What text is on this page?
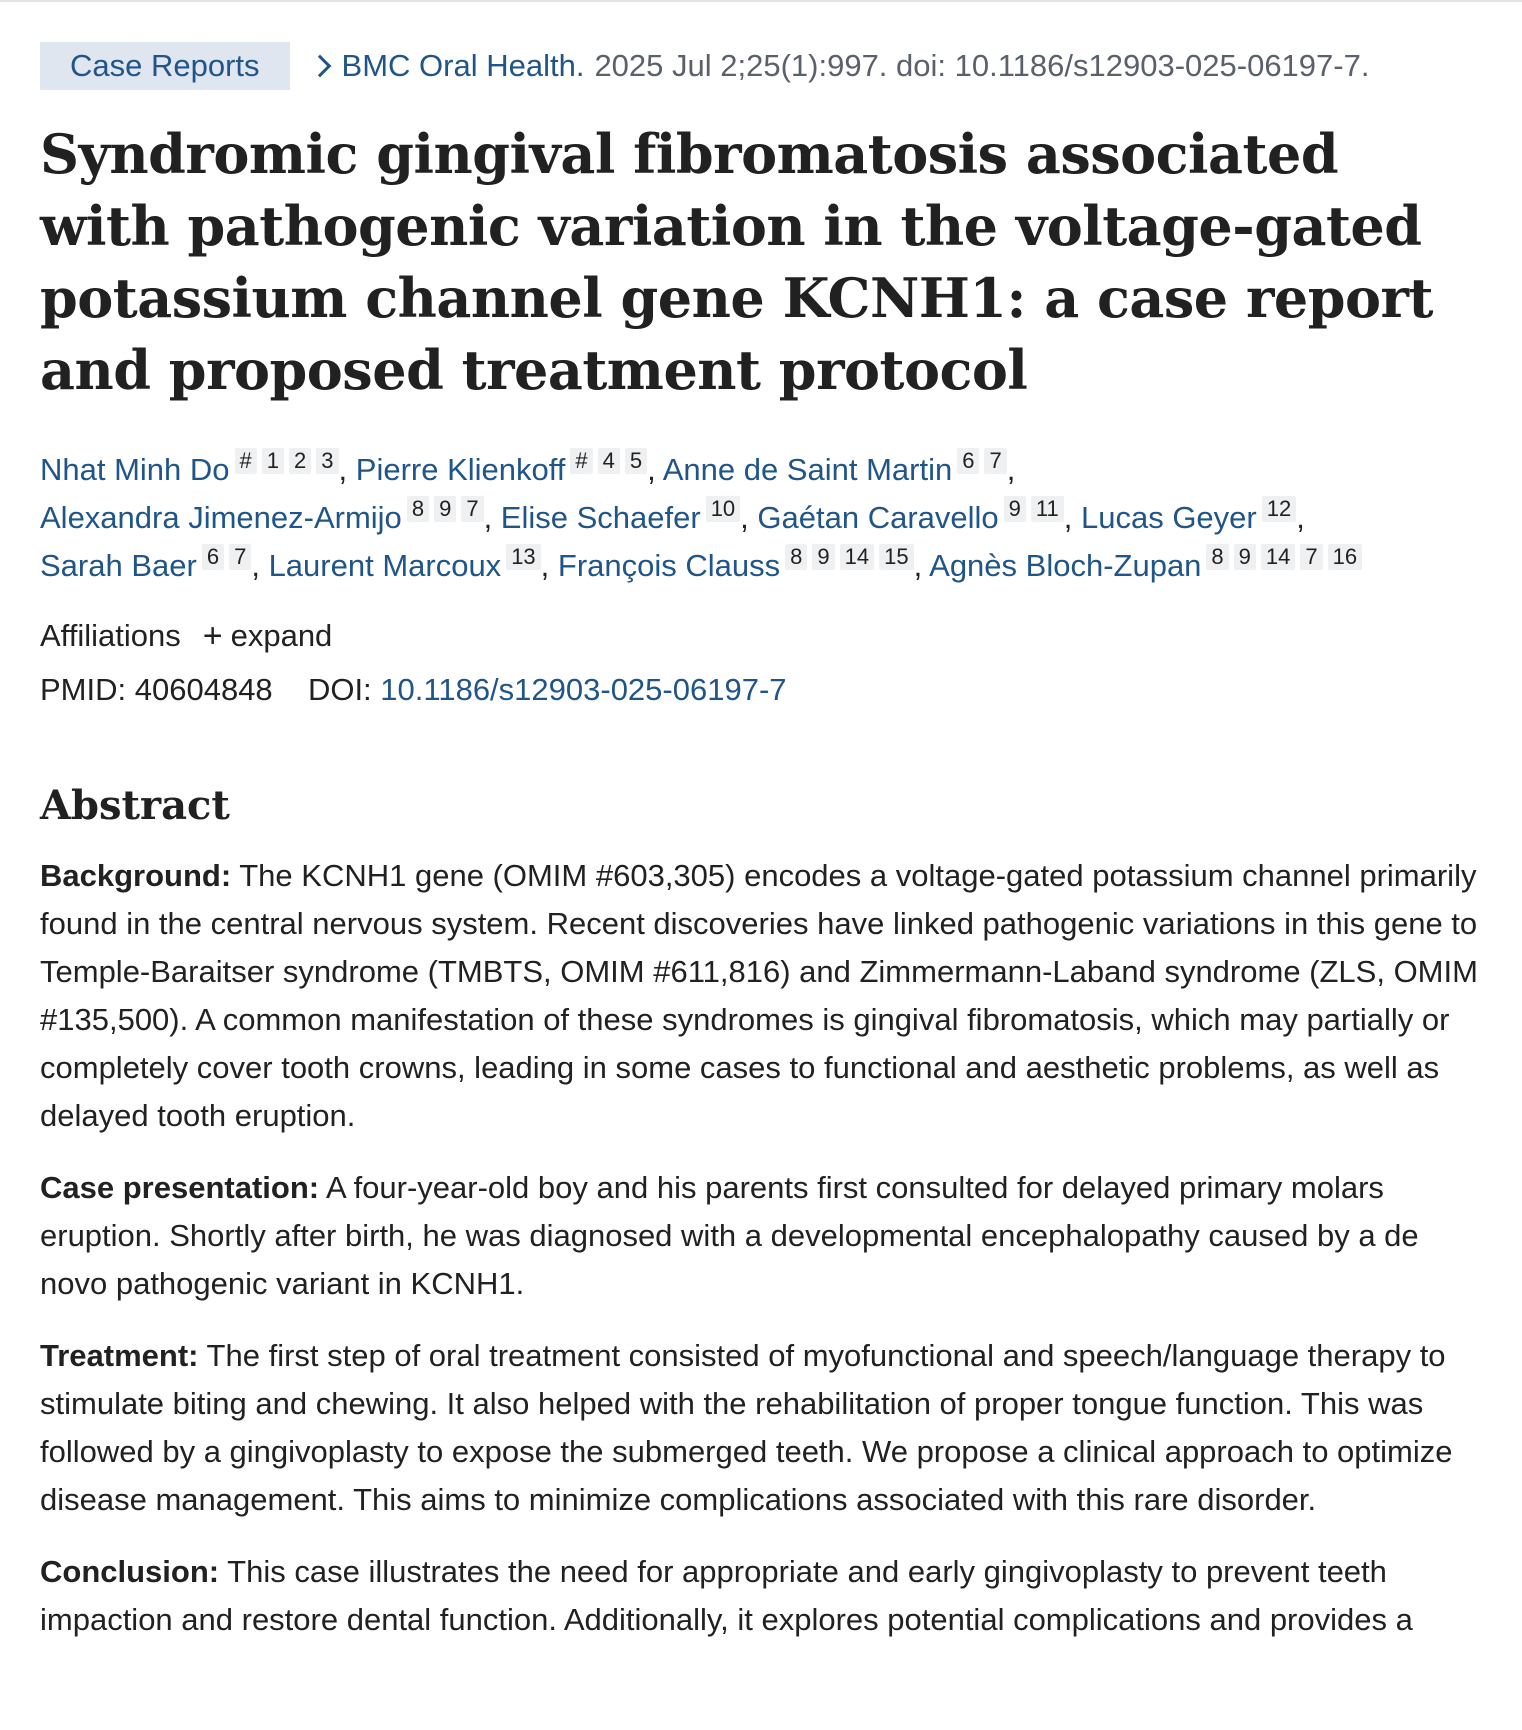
Case Reports	BMC Oral Health. 2025 Jul 2;25(1):997. doi: 10.1186/s12903-025-06197-7.
Syndromic gingival fibromatosis associated with pathogenic variation in the voltage-gated potassium channel gene KCNH1: a case report and proposed treatment protocol
Nhat Minh Do # 1 2 3 , Pierre Klienkoff # 4 5 , Anne de Saint Martin 6 7 ,
Alexandra Jimenez-Armijo 8 9 7 , Elise Schaefer 10 , Gaétan Caravello 9 11 , Lucas Geyer 12 ,
Sarah Baer 6 7 , Laurent Marcoux 13 , François Clauss 8 9 14 15 , Agnès Bloch-Zupan 8 9 14 7 16
Affiliations + expand
PMID: 40604848 DOI: 10.1186/s12903-025-06197-7
Abstract

Background: The KCNH1 gene (OMIM #603,305) encodes a voltage-gated potassium channel primarily found in the central nervous system. Recent discoveries have linked pathogenic variations in this gene to Temple-Baraitser syndrome (TMBTS, OMIM #611,816) and Zimmermann-Laband syndrome (ZLS, OMIM #135,500). A common manifestation of these syndromes is gingival fibromatosis, which may partially or completely cover tooth crowns, leading in some cases to functional and aesthetic problems, as well as delayed tooth eruption.

Case presentation: A four-year-old boy and his parents first consulted for delayed primary molars eruption. Shortly after birth, he was diagnosed with a developmental encephalopathy caused by a de novo pathogenic variant in KCNH1.

Treatment: The first step of oral treatment consisted of myofunctional and speech/language therapy to stimulate biting and chewing. It also helped with the rehabilitation of proper tongue function. This was followed by a gingivoplasty to expose the submerged teeth. We propose a clinical approach to optimize disease management. This aims to minimize complications associated with this rare disorder.

Conclusion: This case illustrates the need for appropriate and early gingivoplasty to prevent teeth impaction and restore dental function. Additionally, it explores potential complications and provides a
